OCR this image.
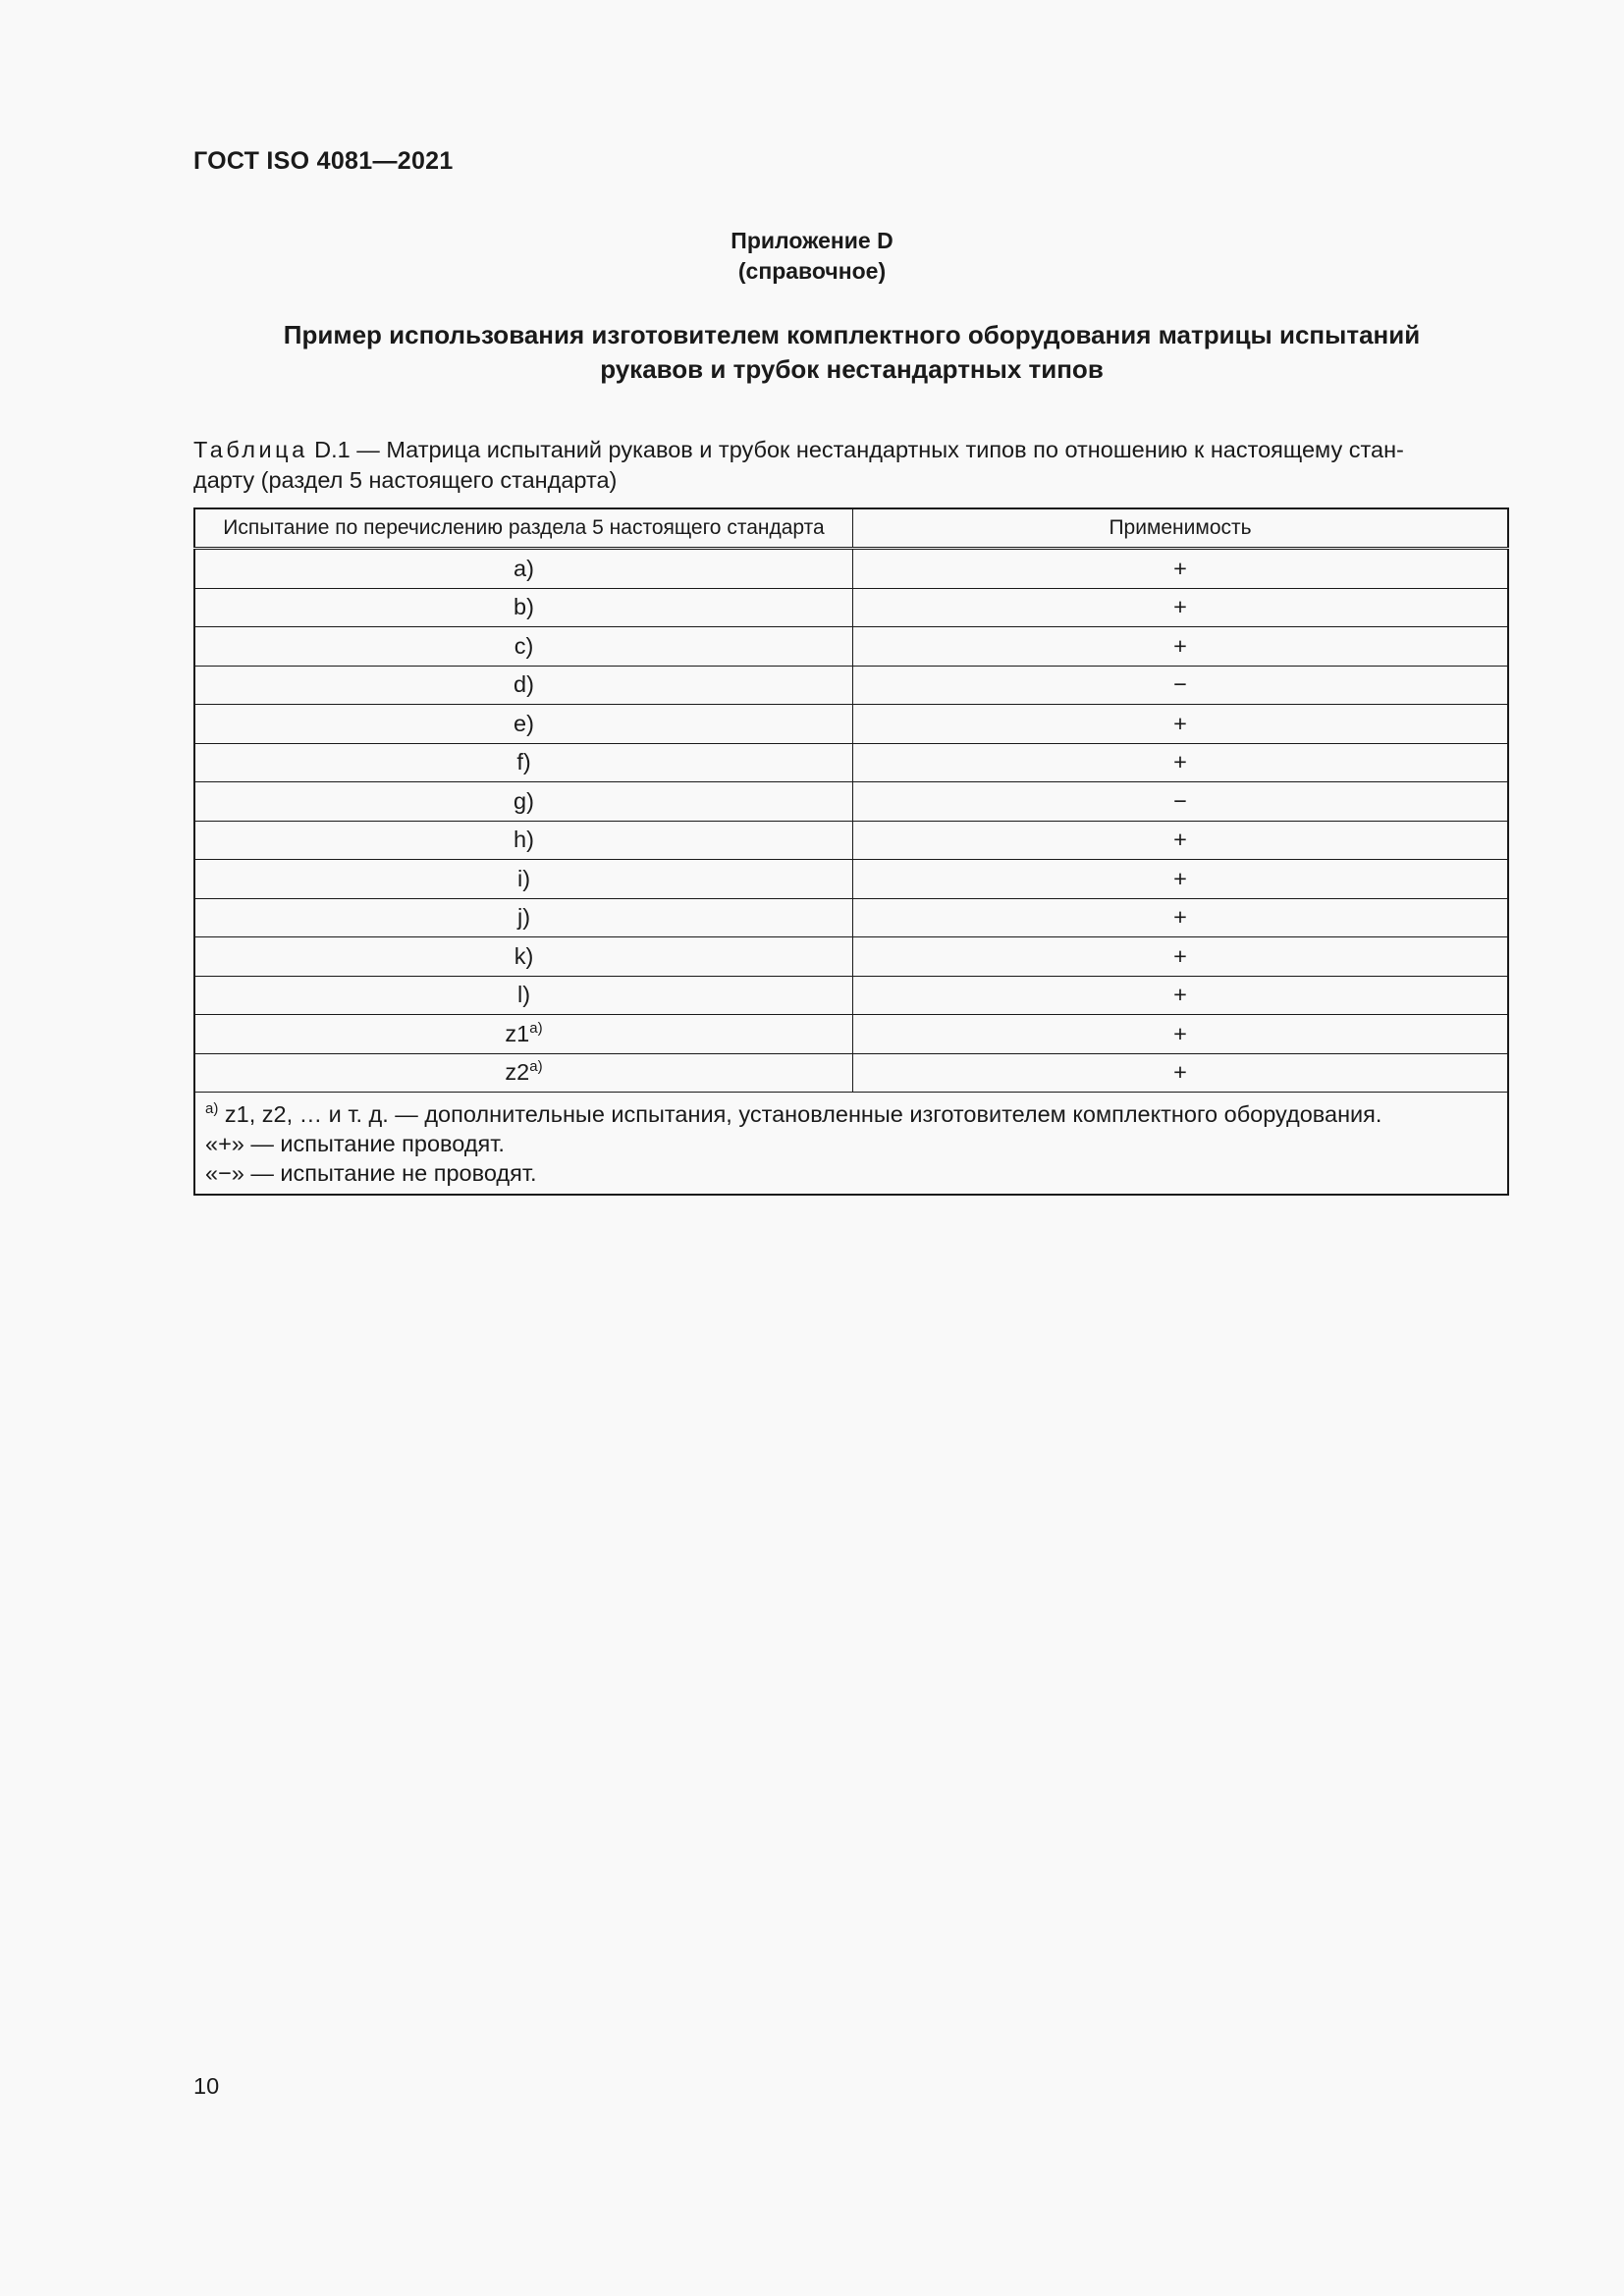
ГОСТ ISO 4081—2021
Приложение D
(справочное)
Пример использования изготовителем комплектного оборудования матрицы испытаний
рукавов и трубок нестандартных типов
Таблица D.1 — Матрица испытаний рукавов и трубок нестандартных типов по отношению к настоящему стан-
дарту (раздел 5 настоящего стандарта)
Испытание по перечислению раздела 5 настоящего стандарта	Применимость
a)	+
b)	+
c)	+
d)	−
e)	+
f)	+
g)	−
h)	+
i)	+
j)	+
k)	+
l)	+
$z1^{a)}$	+
$z2^{a)}$	+

$^{a)}$ z1, z2, … и т. д. — дополнительные испытания, установленные изготовителем комплектного оборудования.
«+» — испытание проводят.
«−» — испытание не проводят.	
10
